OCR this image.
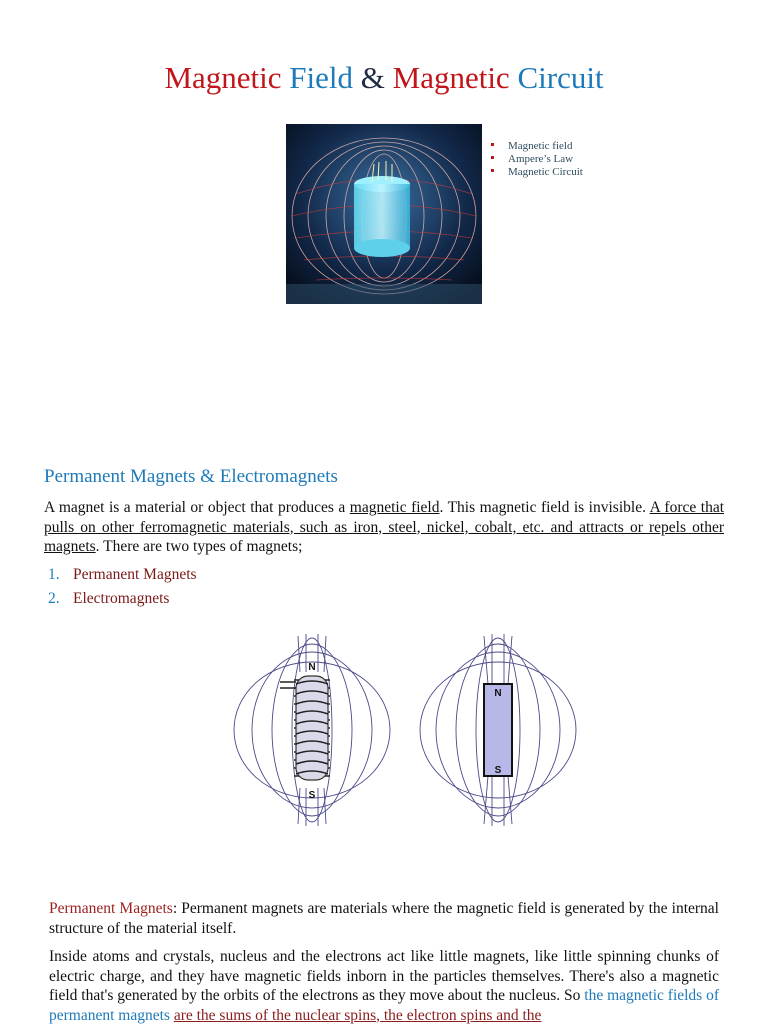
Magnetic Field & Magnetic Circuit
Magnetic field
Ampere’s Law
Magnetic Circuit
Permanent Magnets & Electromagnets

A magnet is a material or object that produces a magnetic field. This magnetic field is invisible. A force that pulls on other ferromagnetic materials, such as iron, steel, nickel, cobalt, etc. and attracts or repels other magnets. There are two types of magnets;

1. Permanent Magnets
2. Electromagnets
N
S
N
S

Permanent Magnets: Permanent magnets are materials where the magnetic field is generated by the internal structure of the material itself.

Inside atoms and crystals, nucleus and the electrons act like little magnets, like little spinning chunks of electric charge, and they have magnetic fields inborn in the particles themselves. There's also a magnetic field that's generated by the orbits of the electrons as they move about the nucleus. So the magnetic fields of permanent magnets are the sums of the nuclear spins, the electron spins and the
